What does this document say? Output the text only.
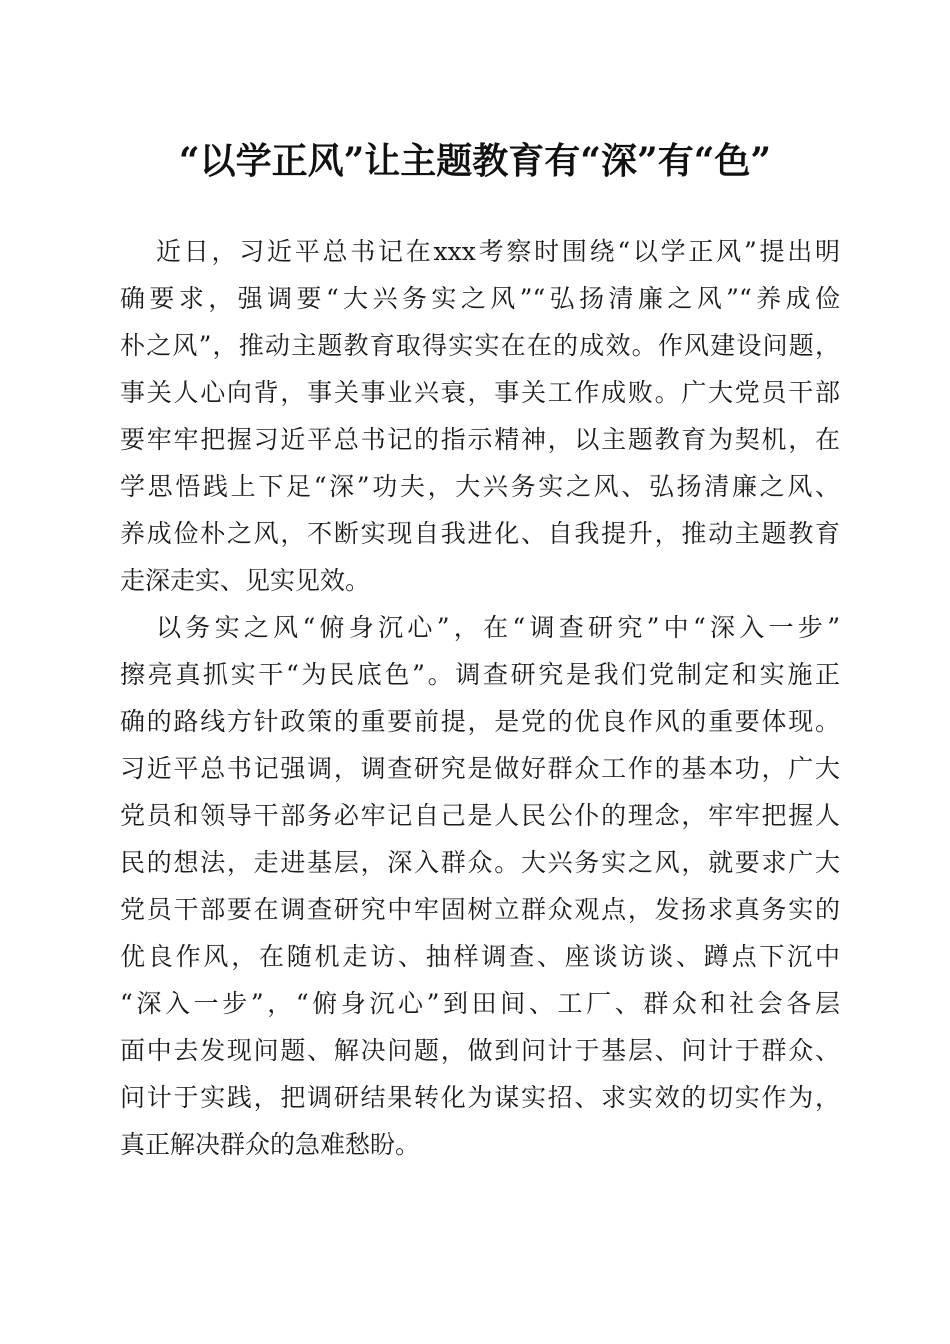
“以学正风”让主题教育有“深”有“色”
近日，习近平总书记在xxx考察时围绕“以学正风”提出明
确要求，强调要“大兴务实之风”“弘扬清廉之风”“养成俭
朴之风”，推动主题教育取得实实在在的成效。作风建设问题，
事关人心向背，事关事业兴衰，事关工作成败。广大党员干部
要牢牢把握习近平总书记的指示精神，以主题教育为契机，在
学思悟践上下足“深”功夫，大兴务实之风、弘扬清廉之风、
养成俭朴之风，不断实现自我进化、自我提升，推动主题教育
走深走实、见实见效。
以务实之风“俯身沉心”，在“调查研究”中“深入一步”
擦亮真抓实干“为民底色”。调查研究是我们党制定和实施正
确的路线方针政策的重要前提，是党的优良作风的重要体现。
习近平总书记强调，调查研究是做好群众工作的基本功，广大
党员和领导干部务必牢记自己是人民公仆的理念，牢牢把握人
民的想法，走进基层，深入群众。大兴务实之风，就要求广大
党员干部要在调查研究中牢固树立群众观点，发扬求真务实的
优良作风，在随机走访、抽样调查、座谈访谈、蹲点下沉中
“深入一步”，“俯身沉心”到田间、工厂、群众和社会各层
面中去发现问题、解决问题，做到问计于基层、问计于群众、
问计于实践，把调研结果转化为谋实招、求实效的切实作为，
真正解决群众的急难愁盼。
